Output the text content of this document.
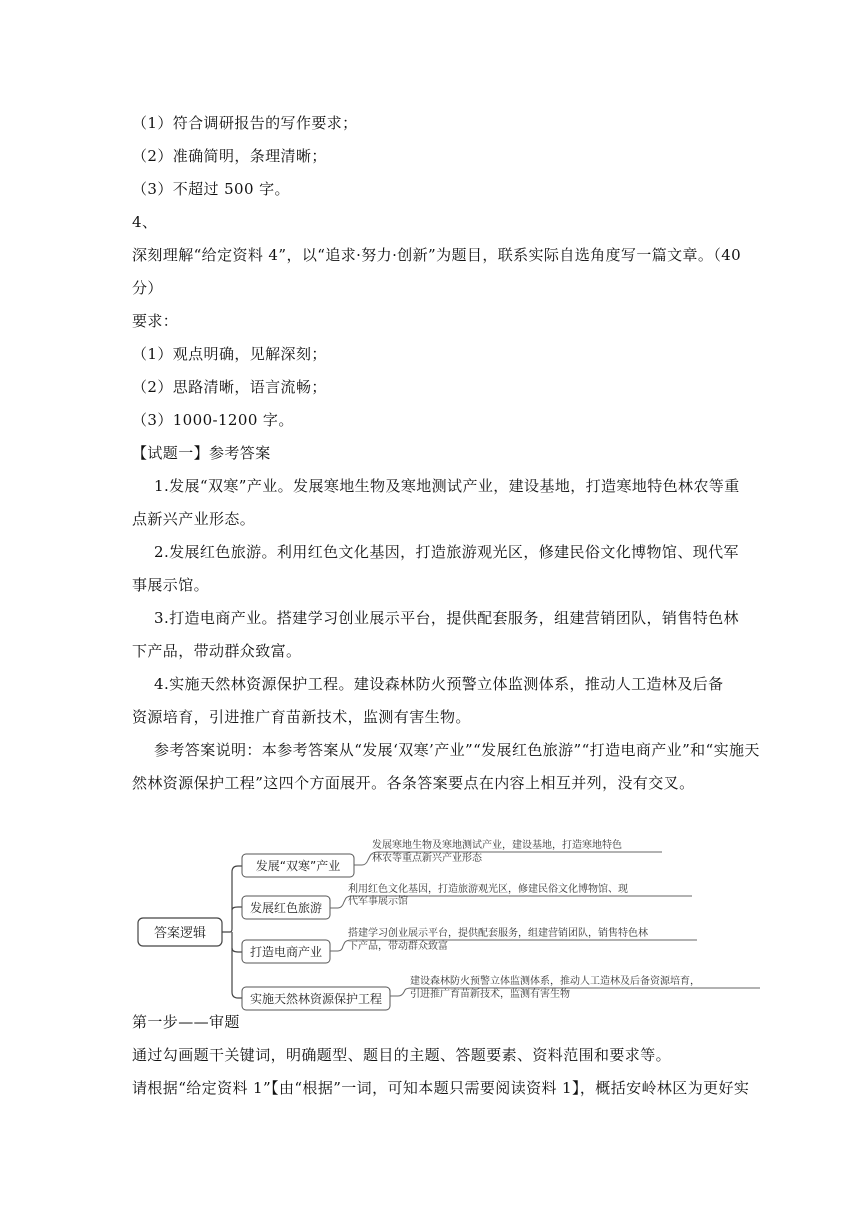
（1）符合调研报告的写作要求；
（2）准确简明，条理清晰；
（3）不超过 500 字。
4、
深刻理解“给定资料 4”，以“追求·努力·创新”为题目，联系实际自选角度写一篇文章。（40
分）
要求：
（1）观点明确，见解深刻；
（2）思路清晰，语言流畅；
（3）1000-1200 字。
【试题一】参考答案
1.发展“双寒”产业。发展寒地生物及寒地测试产业，建设基地，打造寒地特色林农等重
点新兴产业形态。
2.发展红色旅游。利用红色文化基因，打造旅游观光区，修建民俗文化博物馆、现代军
事展示馆。
3.打造电商产业。搭建学习创业展示平台，提供配套服务，组建营销团队，销售特色林
下产品，带动群众致富。
4.实施天然林资源保护工程。建设森林防火预警立体监测体系，推动人工造林及后备
资源培育，引进推广育苗新技术，监测有害生物。
参考答案说明：本参考答案从“发展‘双寒’产业”“发展红色旅游”“打造电商产业”和“实施天
然林资源保护工程”这四个方面展开。各条答案要点在内容上相互并列，没有交叉。
答案逻辑
发展“双寒”产业
发展寒地生物及寒地测试产业，建设基地，打造寒地特色
林农等重点新兴产业形态
发展红色旅游
利用红色文化基因，打造旅游观光区，修建民俗文化博物馆、现
代军事展示馆
打造电商产业
搭建学习创业展示平台，提供配套服务，组建营销团队，销售特色林
下产品，带动群众致富
实施天然林资源保护工程
建设森林防火预警立体监测体系，推动人工造林及后备资源培育，
引进推广育苗新技术，监测有害生物
第一步——审题
通过勾画题干关键词，明确题型、题目的主题、答题要素、资料范围和要求等。
请根据“给定资料 1”【由“根据”一词，可知本题只需要阅读资料 1】，概括安岭林区为更好实
